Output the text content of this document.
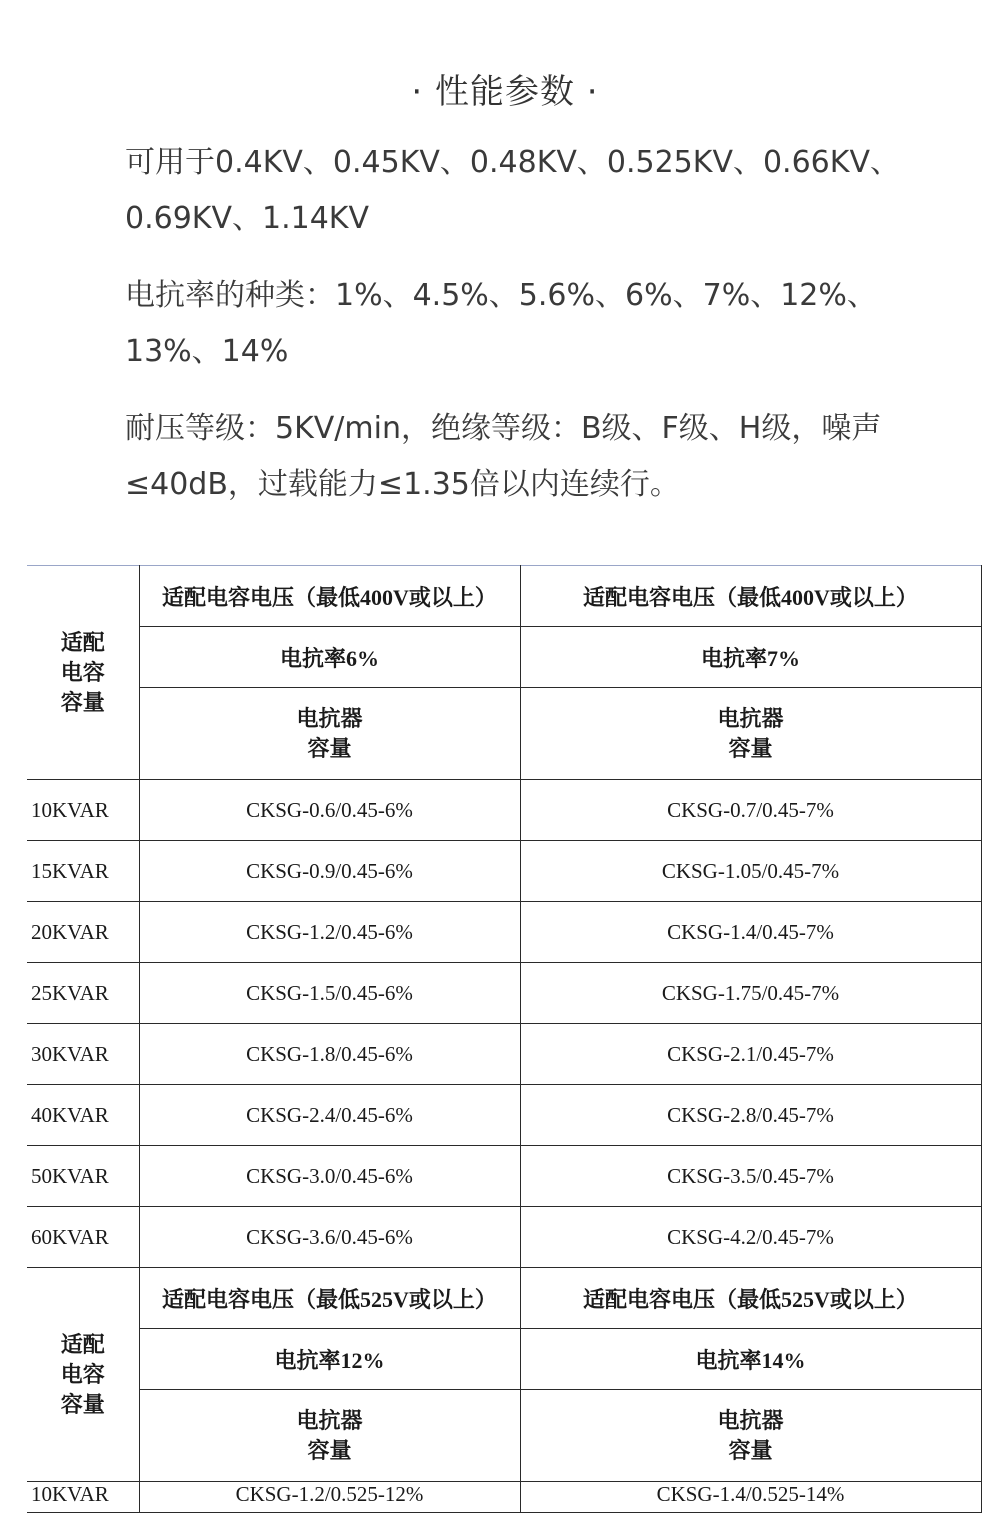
· 性能参数 ·
可用于0.4KV、0.45KV、0.48KV、0.525KV、0.66KV、0.69KV、1.14KV
电抗率的种类：1%、4.5%、5.6%、6%、7%、12%、13%、14%
耐压等级：5KV/min，绝缘等级：B级、F级、H级，噪声≤40dB，过载能力≤1.35倍以内连续行。
适配 电容 容量	适配电容电压（最低400V或以上）	适配电容电压（最低400V或以上）
	电抗率6%	电抗率7%

	电抗器 容量	电抗器 容量

10KVAR	CKSG-0.6/0.45-6%	CKSG-0.7/0.45-7%
15KVAR	CKSG-0.9/0.45-6%	CKSG-1.05/0.45-7%
20KVAR	CKSG-1.2/0.45-6%	CKSG-1.4/0.45-7%
25KVAR	CKSG-1.5/0.45-6%	CKSG-1.75/0.45-7%
30KVAR	CKSG-1.8/0.45-6%	CKSG-2.1/0.45-7%
40KVAR	CKSG-2.4/0.45-6%	CKSG-2.8/0.45-7%
50KVAR	CKSG-3.0/0.45-6%	CKSG-3.5/0.45-7%
60KVAR	CKSG-3.6/0.45-6%	CKSG-4.2/0.45-7%

适配 电容 容量	适配电容电压（最低525V或以上）	适配电容电压（最低525V或以上）
	电抗率12%	电抗率14%

	电抗器 容量	电抗器 容量

10KVAR	CKSG-1.2/0.525-12%	CKSG-1.4/0.525-14%
